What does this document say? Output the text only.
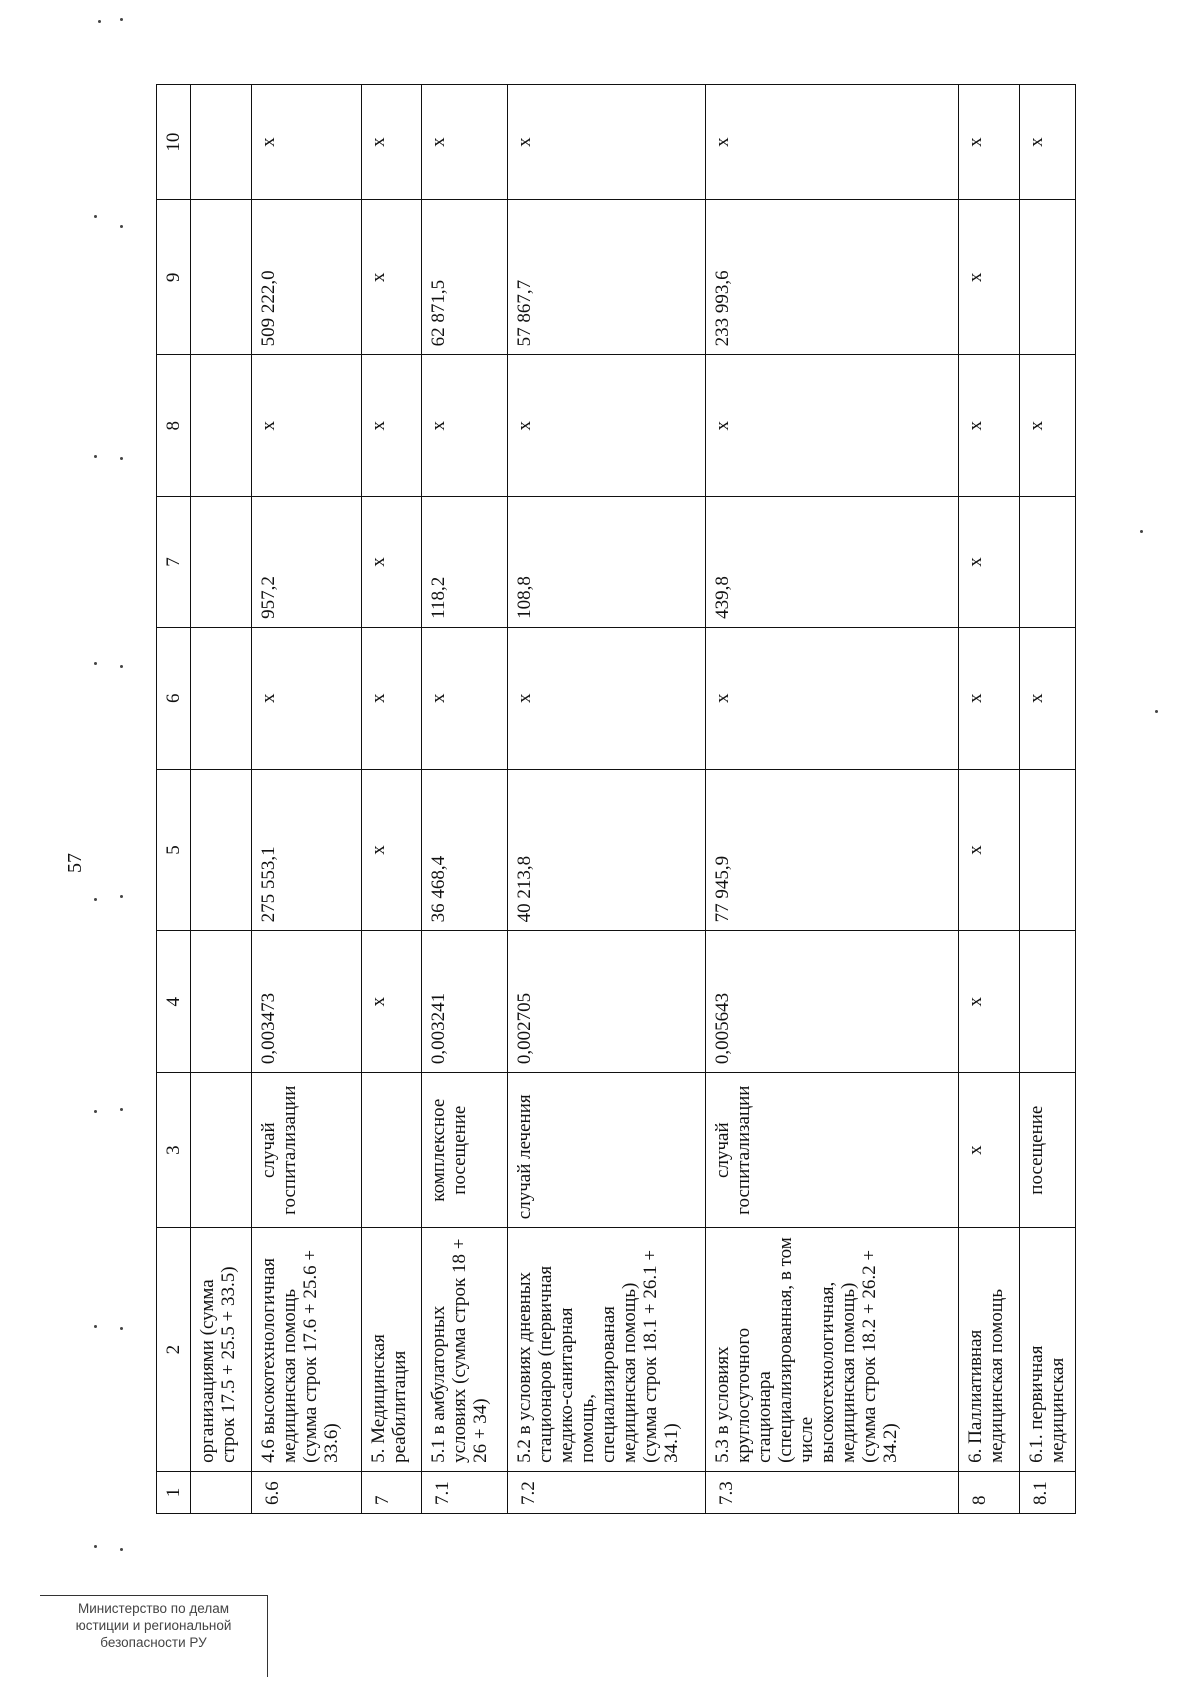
57
1	2	3	4	5	6	7	8	9	10
	организациями (сумма строк 17.5 + 25.5 + 33.5)								
6.6	4.6 высокотехнологичная медицинская помощь (сумма строк 17.6 + 25.6 + 33.6)	случай госпитализации	0,003473	275 553,1	x	957,2	x	509 222,0	x
7	5. Медицинская реабилитация		x	x	x	x	x	x	x
7.1	5.1 в амбулаторных условиях (сумма строк 18 + 26 + 34)	комплексное посещение	0,003241	36 468,4	x	118,2	x	62 871,5	x
7.2	5.2 в условиях дневных стационаров (первичная медико-санитарная помощь, специализированая медицинская помощь) (сумма строк 18.1 + 26.1 + 34.1)	случай лечения	0,002705	40 213,8	x	108,8	x	57 867,7	x
7.3	5.3 в условиях круглосуточного стационара (специализированная, в том числе высокотехнологичная, медицинская помощь) (сумма строк 18.2 + 26.2 + 34.2)	случай госпитализации	0,005643	77 945,9	x	439,8	x	233 993,6	x
8	6. Паллиативная медицинская помощь	x	x	x	x	x	x	x	x
8.1	6.1. первичная медицинская	посещение			x		x		x
Министерство по делам
юстиции и региональной
безопасности РУ
